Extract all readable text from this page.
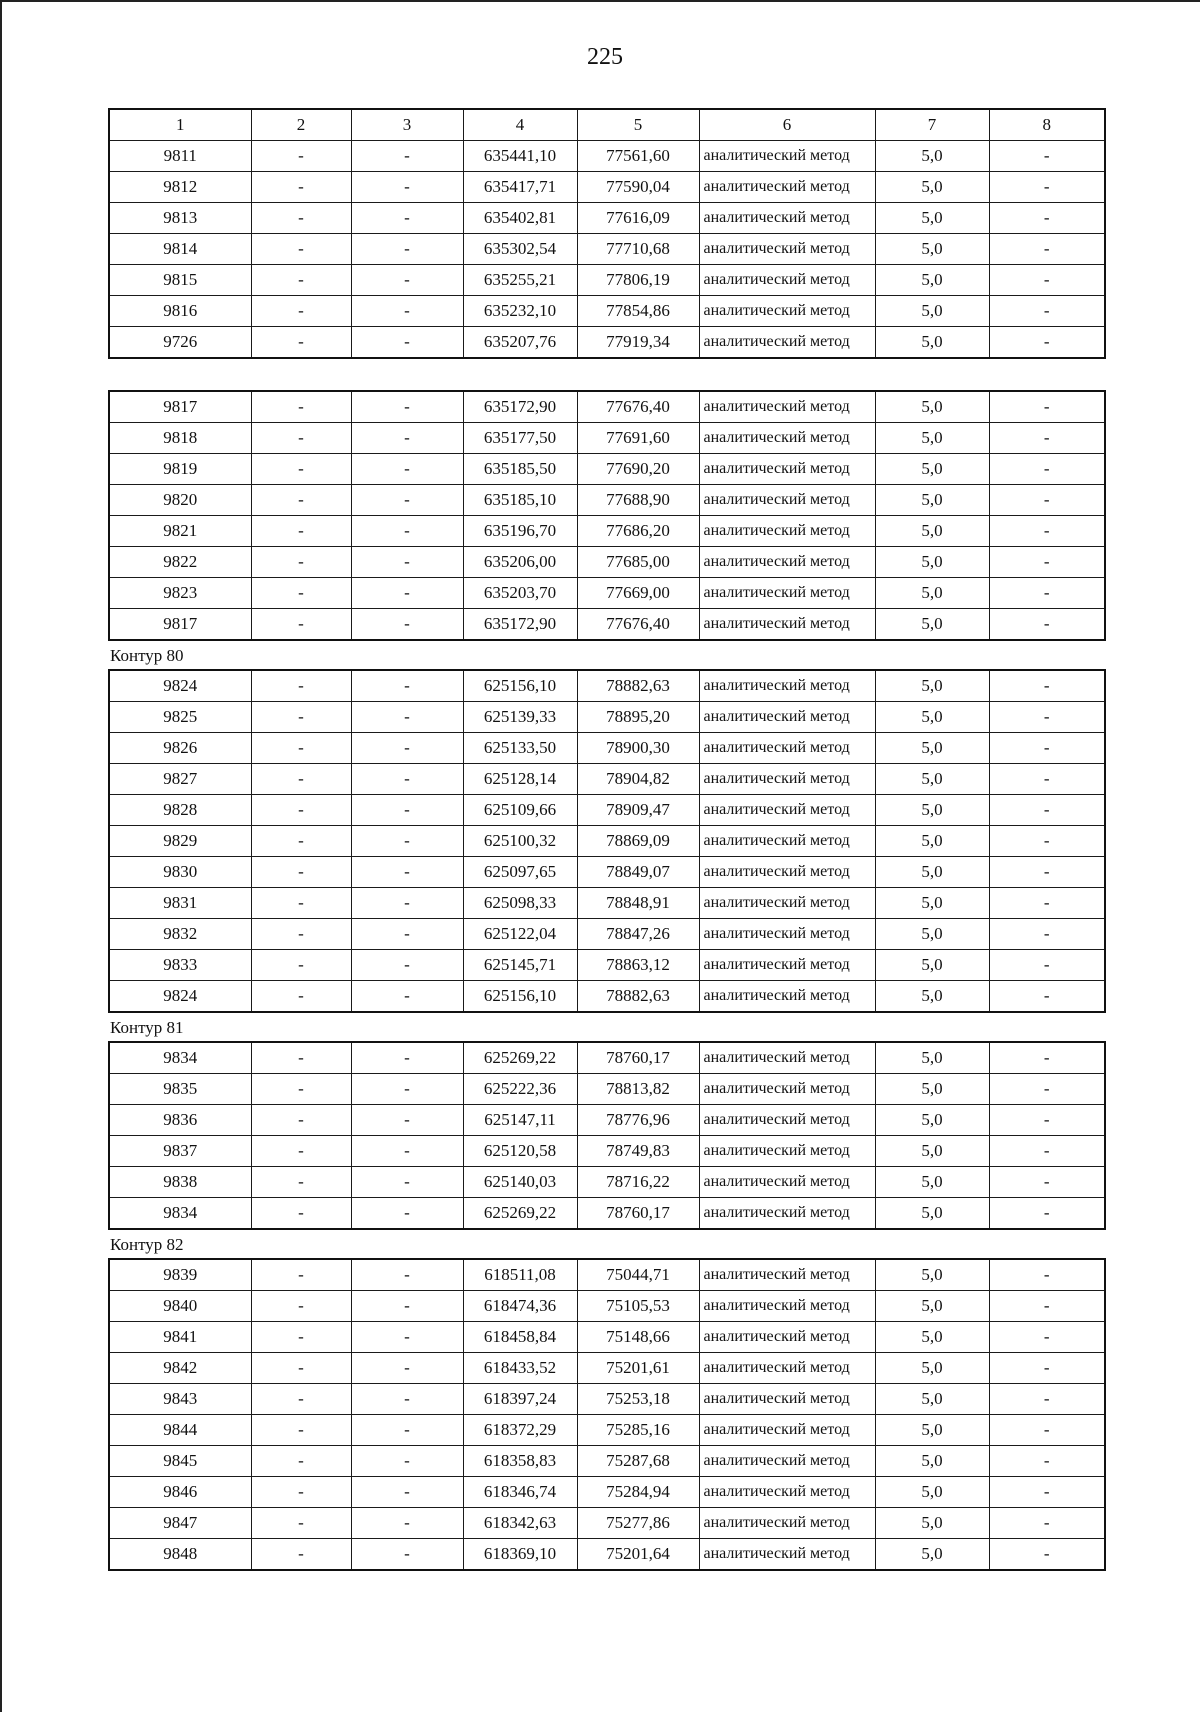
225
1	2	3	4	5	6	7	8
9811	-	-	635441,10	77561,60	аналитический метод	5,0	-
9812	-	-	635417,71	77590,04	аналитический метод	5,0	-
9813	-	-	635402,81	77616,09	аналитический метод	5,0	-
9814	-	-	635302,54	77710,68	аналитический метод	5,0	-
9815	-	-	635255,21	77806,19	аналитический метод	5,0	-
9816	-	-	635232,10	77854,86	аналитический метод	5,0	-
9726	-	-	635207,76	77919,34	аналитический метод	5,0	-
9817	-	-	635172,90	77676,40	аналитический метод	5,0	-
9818	-	-	635177,50	77691,60	аналитический метод	5,0	-
9819	-	-	635185,50	77690,20	аналитический метод	5,0	-
9820	-	-	635185,10	77688,90	аналитический метод	5,0	-
9821	-	-	635196,70	77686,20	аналитический метод	5,0	-
9822	-	-	635206,00	77685,00	аналитический метод	5,0	-
9823	-	-	635203,70	77669,00	аналитический метод	5,0	-
9817	-	-	635172,90	77676,40	аналитический метод	5,0	-
Контур 80
9824	-	-	625156,10	78882,63	аналитический метод	5,0	-
9825	-	-	625139,33	78895,20	аналитический метод	5,0	-
9826	-	-	625133,50	78900,30	аналитический метод	5,0	-
9827	-	-	625128,14	78904,82	аналитический метод	5,0	-
9828	-	-	625109,66	78909,47	аналитический метод	5,0	-
9829	-	-	625100,32	78869,09	аналитический метод	5,0	-
9830	-	-	625097,65	78849,07	аналитический метод	5,0	-
9831	-	-	625098,33	78848,91	аналитический метод	5,0	-
9832	-	-	625122,04	78847,26	аналитический метод	5,0	-
9833	-	-	625145,71	78863,12	аналитический метод	5,0	-
9824	-	-	625156,10	78882,63	аналитический метод	5,0	-
Контур 81
9834	-	-	625269,22	78760,17	аналитический метод	5,0	-
9835	-	-	625222,36	78813,82	аналитический метод	5,0	-
9836	-	-	625147,11	78776,96	аналитический метод	5,0	-
9837	-	-	625120,58	78749,83	аналитический метод	5,0	-
9838	-	-	625140,03	78716,22	аналитический метод	5,0	-
9834	-	-	625269,22	78760,17	аналитический метод	5,0	-
Контур 82
9839	-	-	618511,08	75044,71	аналитический метод	5,0	-
9840	-	-	618474,36	75105,53	аналитический метод	5,0	-
9841	-	-	618458,84	75148,66	аналитический метод	5,0	-
9842	-	-	618433,52	75201,61	аналитический метод	5,0	-
9843	-	-	618397,24	75253,18	аналитический метод	5,0	-
9844	-	-	618372,29	75285,16	аналитический метод	5,0	-
9845	-	-	618358,83	75287,68	аналитический метод	5,0	-
9846	-	-	618346,74	75284,94	аналитический метод	5,0	-
9847	-	-	618342,63	75277,86	аналитический метод	5,0	-
9848	-	-	618369,10	75201,64	аналитический метод	5,0	-
